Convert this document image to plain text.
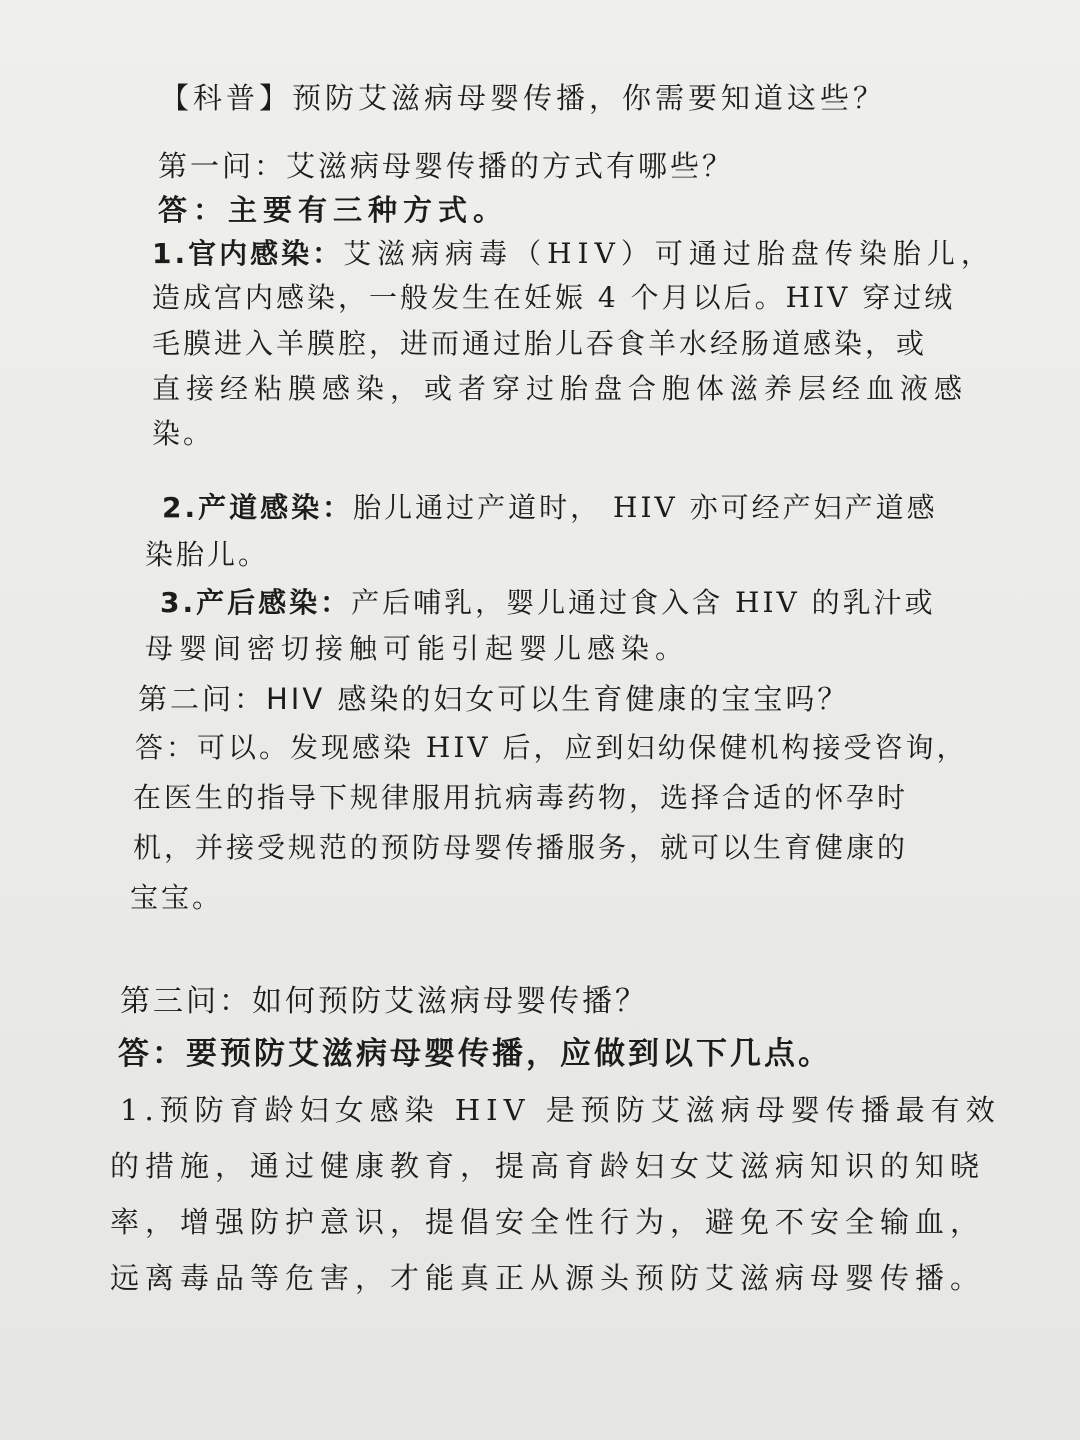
【科普】预防艾滋病母婴传播，你需要知道这些？
第一问：艾滋病母婴传播的方式有哪些？
答：主要有三种方式。
1.官内感染：艾滋病病毒（HIV）可通过胎盘传染胎儿，
造成宫内感染，一般发生在妊娠 4 个月以后。HIV 穿过绒
毛膜进入羊膜腔，进而通过胎儿吞食羊水经肠道感染，或
直接经粘膜感染，或者穿过胎盘合胞体滋养层经血液感
染。
2.产道感染：胎儿通过产道时， HIV 亦可经产妇产道感
染胎儿。
3.产后感染：产后哺乳，婴儿通过食入含 HIV 的乳汁或
母婴间密切接触可能引起婴儿感染。
第二问：HIV 感染的妇女可以生育健康的宝宝吗？
答：可以。发现感染 HIV 后，应到妇幼保健机构接受咨询，
在医生的指导下规律服用抗病毒药物，选择合适的怀孕时
机，并接受规范的预防母婴传播服务，就可以生育健康的
宝宝。
第三问：如何预防艾滋病母婴传播？
答：要预防艾滋病母婴传播，应做到以下几点。
1.预防育龄妇女感染 HIV 是预防艾滋病母婴传播最有效
的措施，通过健康教育，提高育龄妇女艾滋病知识的知晓
率，增强防护意识，提倡安全性行为，避免不安全输血，
远离毒品等危害，才能真正从源头预防艾滋病母婴传播。
